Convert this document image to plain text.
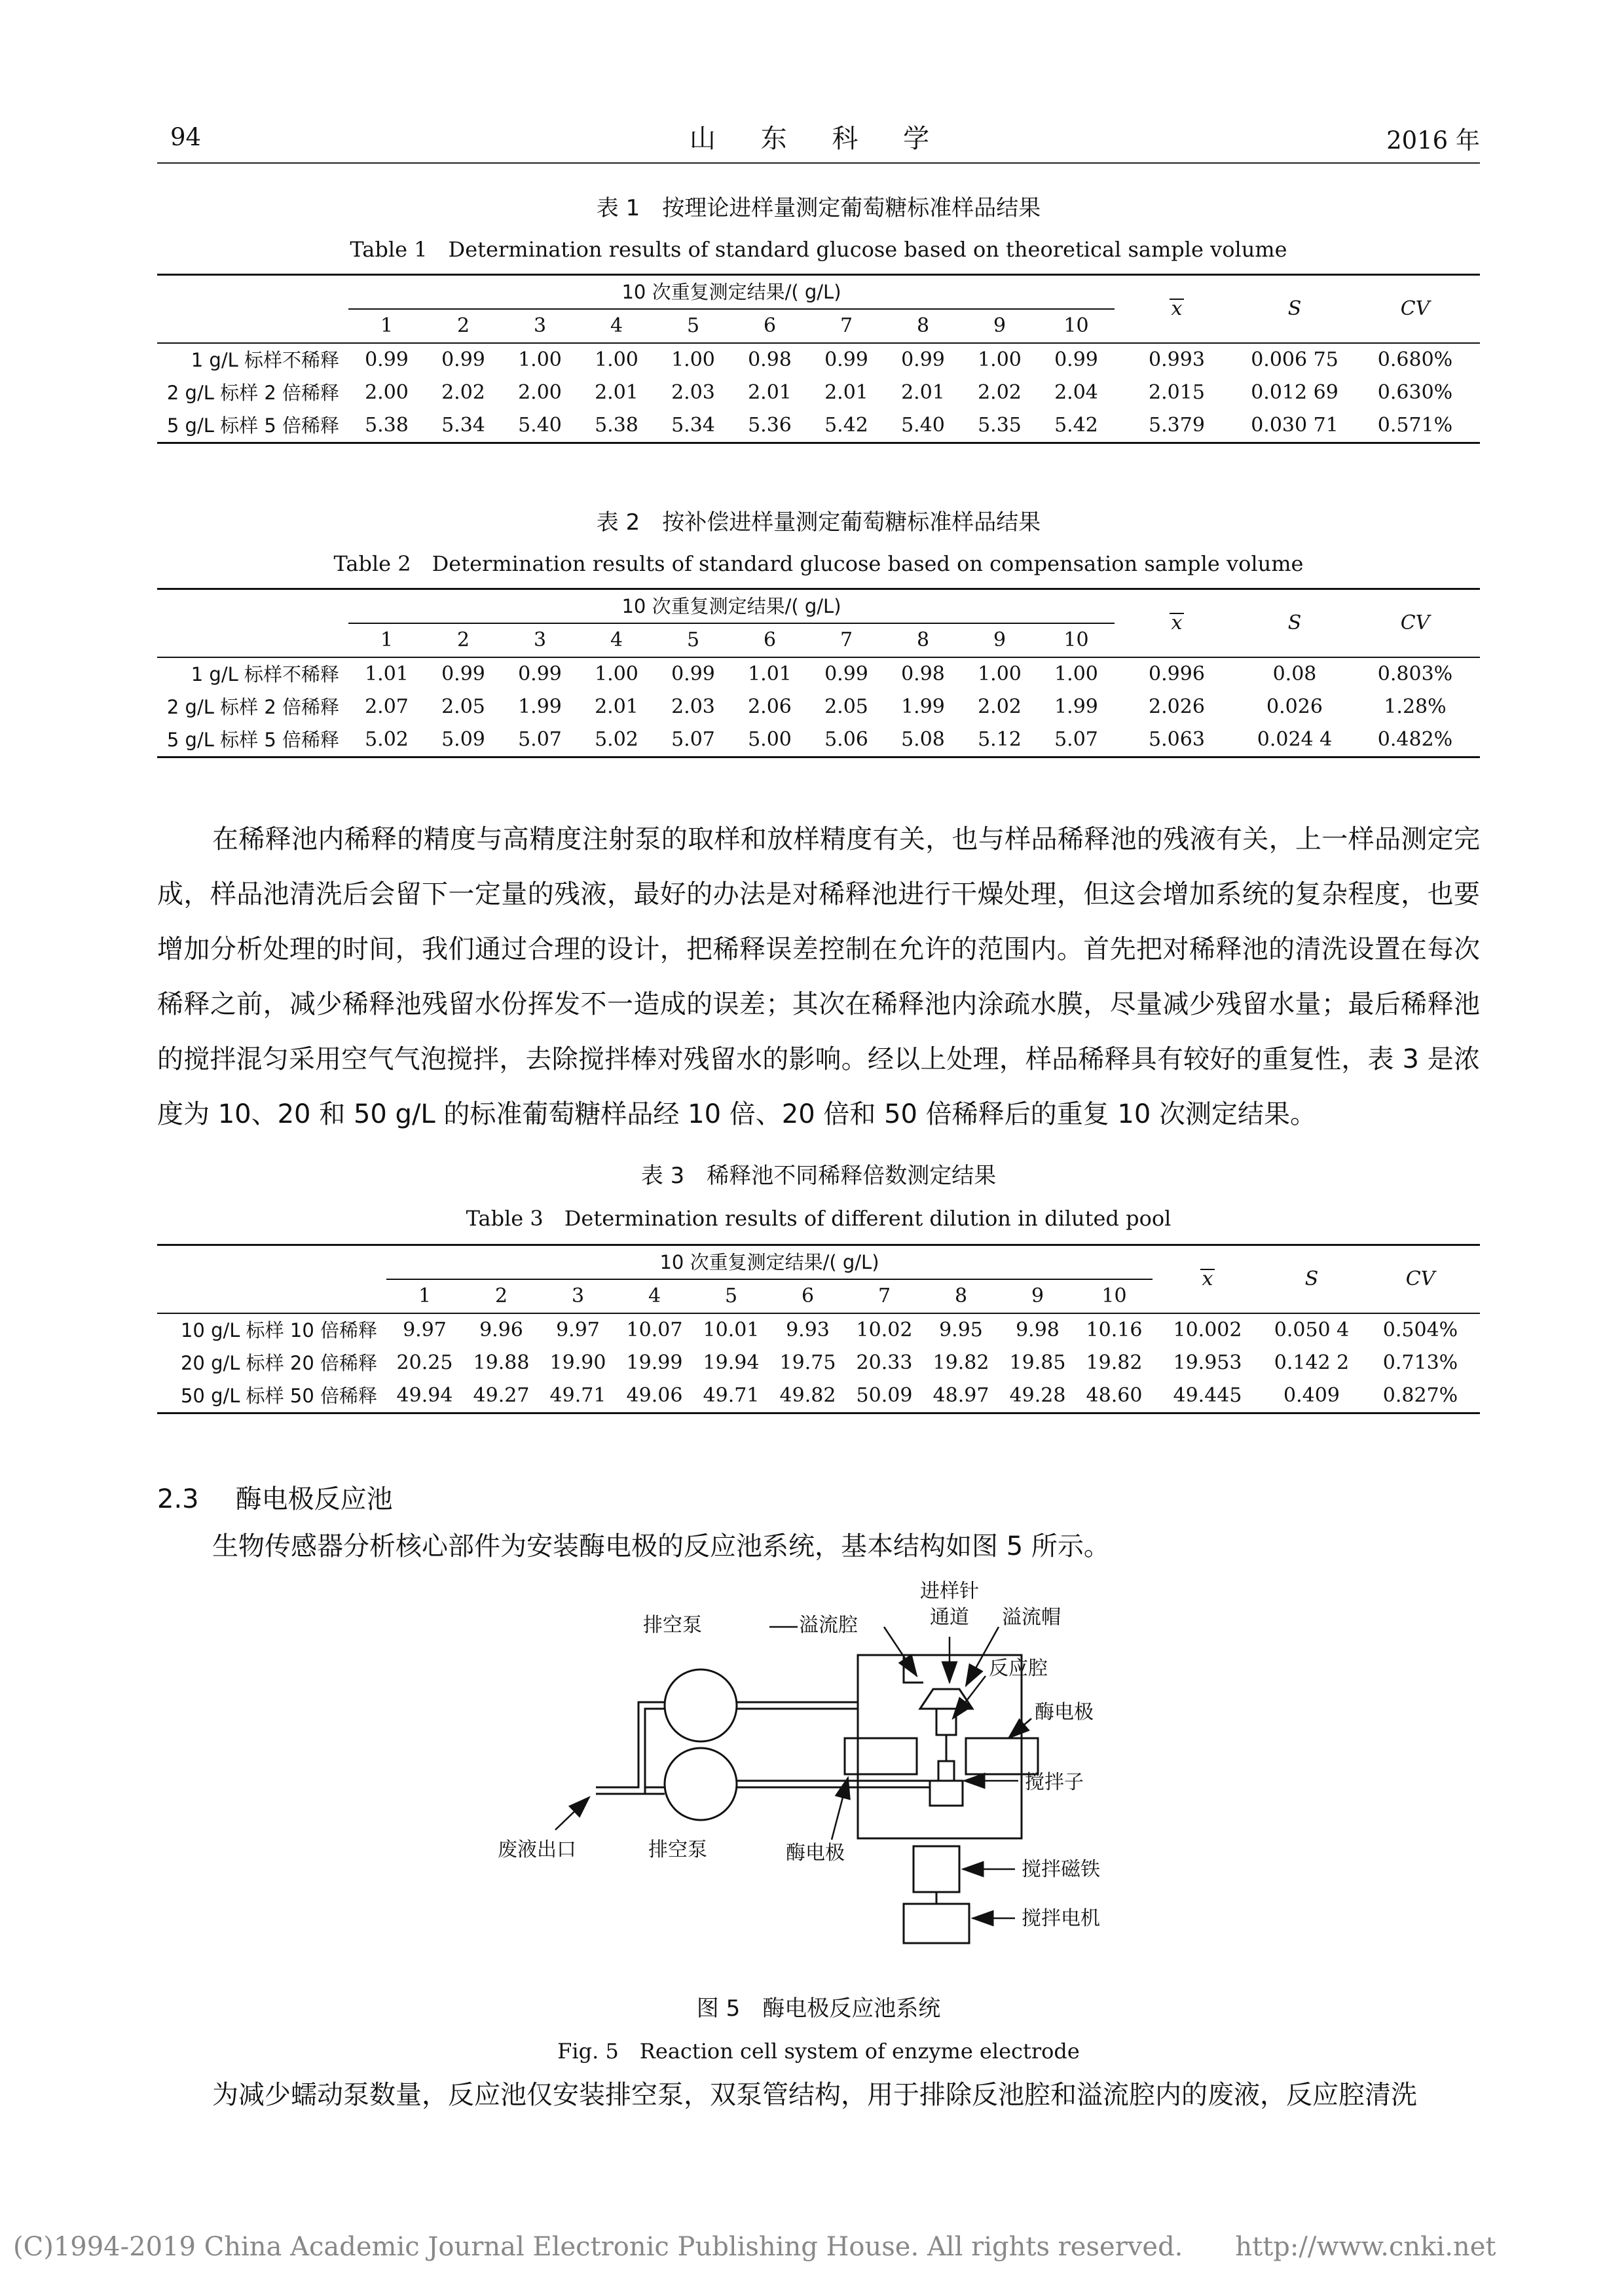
94	山 东 科 学	2016 年
表 1　按理论进样量测定葡萄糖标准样品结果
Table 1　Determination results of standard glucose based on theoretical sample volume
	10 次重复测定结果/( g/L)										x	S	CV
	1	2	3	4	5	6	7	8	9	10			
1 g/L 标样不稀释	0.99	0.99	1.00	1.00	1.00	0.98	0.99	0.99	1.00	0.99	0.993	0.006 75	0.680%
2 g/L 标样 2 倍稀释	2.00	2.02	2.00	2.01	2.03	2.01	2.01	2.01	2.02	2.04	2.015	0.012 69	0.630%
5 g/L 标样 5 倍稀释	5.38	5.34	5.40	5.38	5.34	5.36	5.42	5.40	5.35	5.42	5.379	0.030 71	0.571%
表 2　按补偿进样量测定葡萄糖标准样品结果
Table 2　Determination results of standard glucose based on compensation sample volume
	10 次重复测定结果/( g/L)										x	S	CV
	1	2	3	4	5	6	7	8	9	10			
1 g/L 标样不稀释	1.01	0.99	0.99	1.00	0.99	1.01	0.99	0.98	1.00	1.00	0.996	0.08	0.803%
2 g/L 标样 2 倍稀释	2.07	2.05	1.99	2.01	2.03	2.06	2.05	1.99	2.02	1.99	2.026	0.026	1.28%
5 g/L 标样 5 倍稀释	5.02	5.09	5.07	5.02	5.07	5.00	5.06	5.08	5.12	5.07	5.063	0.024 4	0.482%

在稀释池内稀释的精度与高精度注射泵的取样和放样精度有关，也与样品稀释池的残液有关，上一样品测定完成，样品池清洗后会留下一定量的残液，最好的办法是对稀释池进行干燥处理，但这会增加系统的复杂程度，也要增加分析处理的时间，我们通过合理的设计，把稀释误差控制在允许的范围内。首先把对稀释池的清洗设置在每次稀释之前，减少稀释池残留水份挥发不一造成的误差；其次在稀释池内涂疏水膜，尽量减少残留水量；最后稀释池的搅拌混匀采用空气气泡搅拌，去除搅拌棒对残留水的影响。经以上处理，样品稀释具有较好的重复性，表 3 是浓度为 10、20 和 50 g/L 的标准葡萄糖样品经 10 倍、20 倍和 50 倍稀释后的重复 10 次测定结果。

表 3　稀释池不同稀释倍数测定结果
Table 3　Determination results of different dilution in diluted pool
	10 次重复测定结果/( g/L)										x	S	CV
	1	2	3	4	5	6	7	8	9	10			
10 g/L 标样 10 倍稀释	9.97	9.96	9.97	10.07	10.01	9.93	10.02	9.95	9.98	10.16	10.002	0.050 4	0.504%
20 g/L 标样 20 倍稀释	20.25	19.88	19.90	19.99	19.94	19.75	20.33	19.82	19.85	19.82	19.953	0.142 2	0.713%
50 g/L 标样 50 倍稀释	49.94	49.27	49.71	49.06	49.71	49.82	50.09	48.97	49.28	48.60	49.445	0.409	0.827%
2.3 酶电极反应池
生物传感器分析核心部件为安装酶电极的反应池系统，基本结构如图 5 所示。
排空泵	溢流腔
进样针
通道 溢流帽
反应腔
酶电极
搅拌子
搅拌磁铁
搅拌电机
废液出口	排空泵	酶电极
图 5　酶电极反应池系统
Fig. 5　Reaction cell system of enzyme electrode
为减少蠕动泵数量，反应池仅安装排空泵，双泵管结构，用于排除反池腔和溢流腔内的废液，反应腔清洗
(C)1994-2019 China Academic Journal Electronic Publishing House. All rights reserved.　　http://www.cnki.net
